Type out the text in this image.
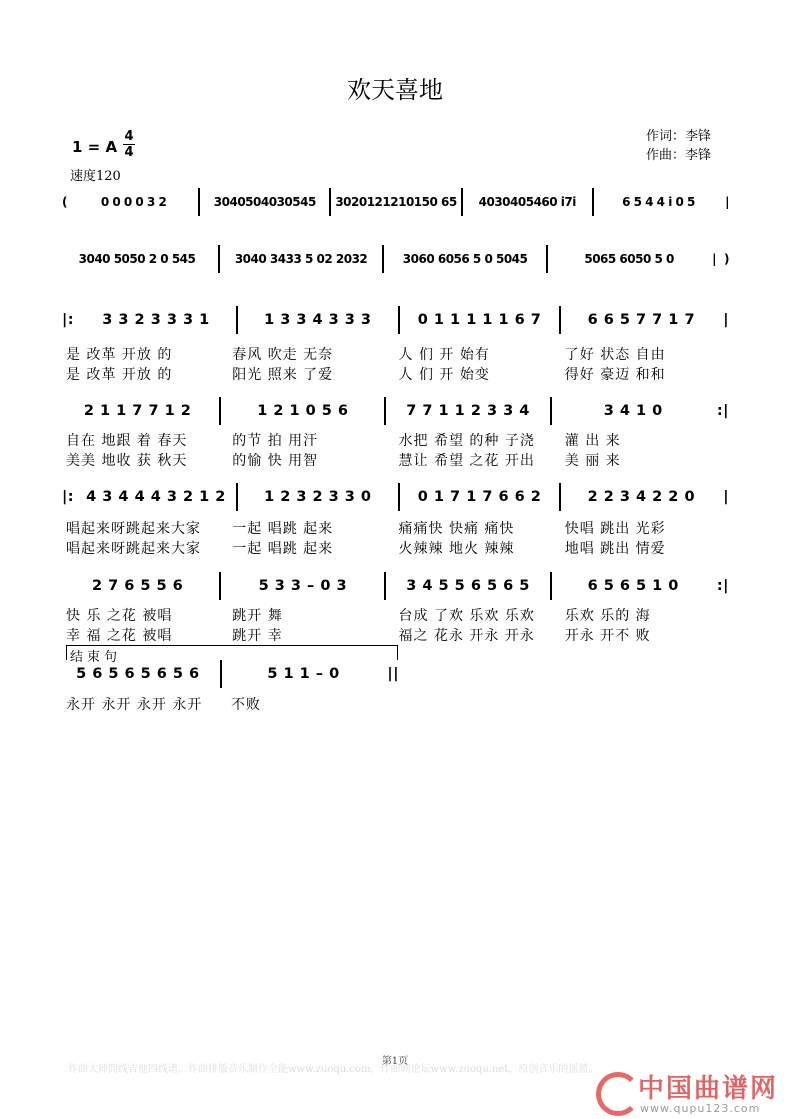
欢天喜地
1 = A
4
4
速度120
作词：李锋
作曲：李锋
(	0 0 0 0 3 2	3040504030545	3020121210150 65	4030405460 i7i	6 5 4 4 i 0 5	|
3040 5050 2 0 545	3040 3433 5 02 2032	3060 6056 5 0 5045	5065 6050 5 0	| )
|:	3 3 2 3 3 3 1	1 3 3 4 3 3 3	0 1 1 1 1 1 6 7	6 6 5 7 7 1 7	|
2 1 1 7 7 1 2	1 2 1 0 5 6	7 7 1 1 2 3 3 4	3 4 1 0	:|
|: 4 3 4 4 4 3 2 1 2	1 2 3 2 3 3 0	0 1 7 1 7 6 6 2	2 2 3 4 2 2 0	|
2 7 6 5 5 6	5 3 3 – 0 3	3 4 5 5 6 5 6 5	6 5 6 5 1 0	:|
5 6 5 6 5 6 5 6	5 1 1 – 0	||
是 改革 开放 的	春风 吹走 无奈	人 们 开 始有	了好 状态 自由
是 改革 开放 的	阳光 照来 了爱	人 们 开 始变	得好 豪迈 和和
自在 地跟 着 春天	的节 拍 用汗	水把 希望 的种 子浇	灌 出 来
美美 地收 获 秋天	的愉 快 用智	慧让 希望 之花 开出	美 丽 来
唱起来呀跳起来大家	一起 唱跳 起来	痛痛快 快痛 痛快	快唱 跳出 光彩
唱起来呀跳起来大家	一起 唱跳 起来	火辣辣 地火 辣辣	地唱 跳出 情爱
快 乐 之花 被唱	跳开 舞	台成 了欢 乐欢 乐欢	乐欢 乐的 海
幸 福 之花 被唱	跳开 幸	福之 花永 开永 开永	开永 开不 败
永开 永开 永开 永开	不败
结束句
作曲大师简线吉他四线谱，作曲排版音乐制作全能www.zuoqu.com，作曲网论坛www.zuoqu.net，原创音乐的摇篮。
第1页
中国曲谱网
www.qupu123.com
